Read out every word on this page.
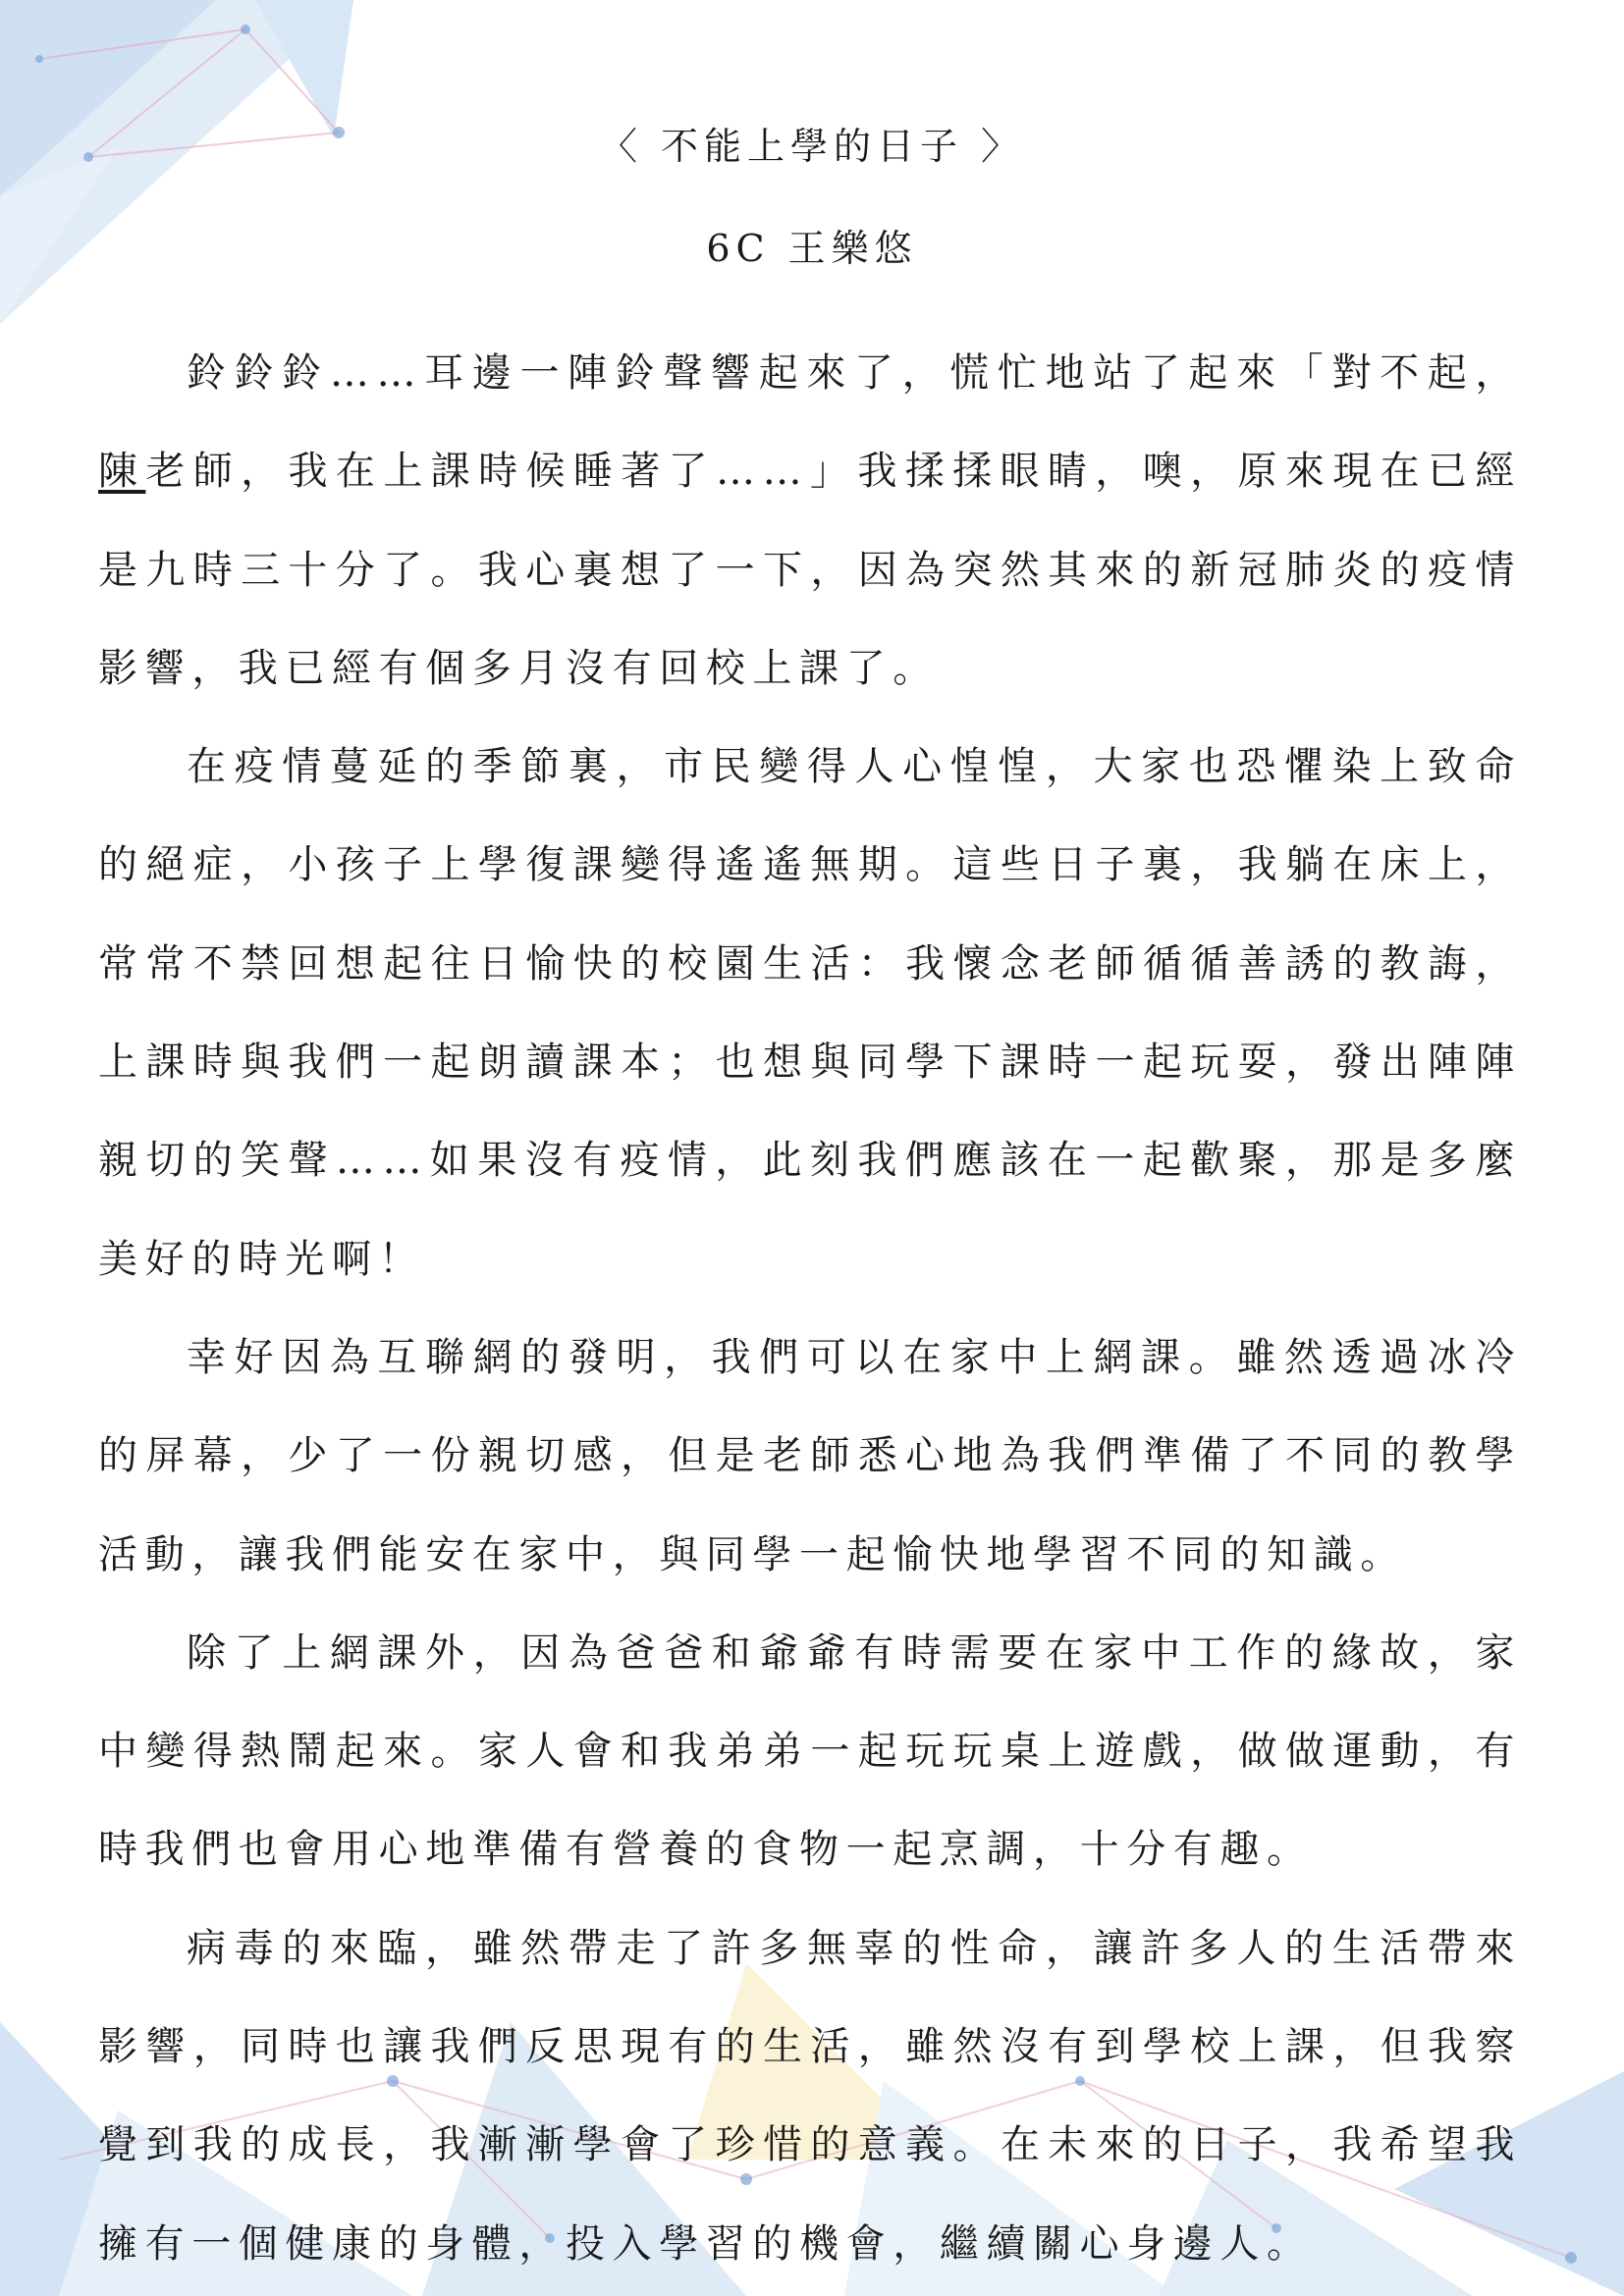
〈 不能上學的日子 〉
6C 王樂悠

鈴鈴鈴……耳邊一陣鈴聲響起來了，慌忙地站了起來「對不起，陳老師，我在上課時候睡著了……」我揉揉眼睛，噢，原來現在已經是九時三十分了。我心裏想了一下，因為突然其來的新冠肺炎的疫情影響，我已經有個多月沒有回校上課了。

在疫情蔓延的季節裏，市民變得人心惶惶，大家也恐懼染上致命的絕症，小孩子上學復課變得遙遙無期。這些日子裏，我躺在床上，常常不禁回想起往日愉快的校園生活：我懷念老師循循善誘的教誨，上課時與我們一起朗讀課本；也想與同學下課時一起玩耍，發出陣陣親切的笑聲……如果沒有疫情，此刻我們應該在一起歡聚，那是多麼美好的時光啊！

幸好因為互聯網的發明，我們可以在家中上網課。雖然透過冰冷的屏幕，少了一份親切感，但是老師悉心地為我們準備了不同的教學活動，讓我們能安在家中，與同學一起愉快地學習不同的知識。

除了上網課外，因為爸爸和爺爺有時需要在家中工作的緣故，家中變得熱鬧起來。家人會和我弟弟一起玩玩桌上遊戲，做做運動，有時我們也會用心地準備有營養的食物一起烹調，十分有趣。

病毒的來臨，雖然帶走了許多無辜的性命，讓許多人的生活帶來影響，同時也讓我們反思現有的生活，雖然沒有到學校上課，但我察覺到我的成長，我漸漸學會了珍惜的意義。在未來的日子，我希望我擁有一個健康的身體，投入學習的機會，繼續關心身邊人。
